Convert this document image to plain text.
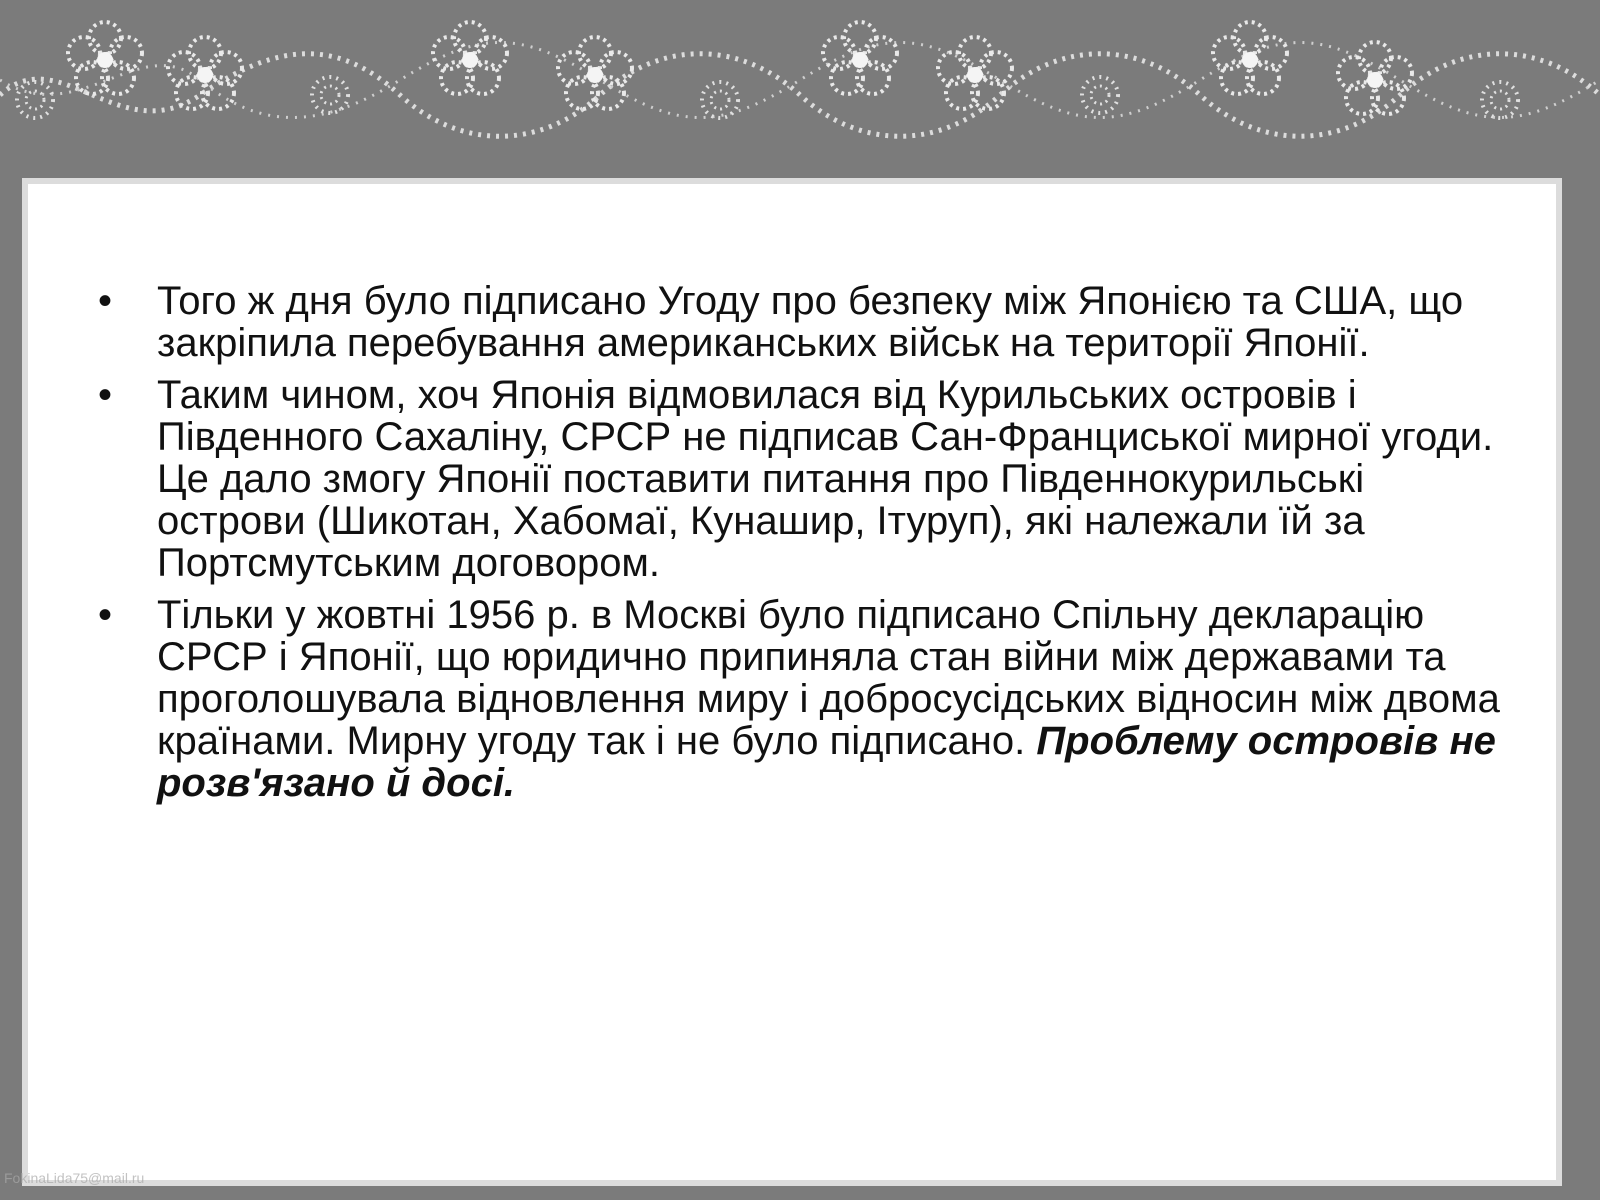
• Того ж дня було підписано Угоду про безпеку між Японією та США, що закріпила перебування американських військ на території Японії.
• Таким чином, хоч Японія відмовилася від Курильських островів і Південного Сахаліну, СРСР не підписав Сан-Франциської мирної угоди. Це дало змогу Японії поставити питання про Південнокурильські острови (Шикотан, Хабомаї, Кунашир, Ітуруп), які належали їй за Портсмутським договором.
• Тільки у жовтні 1956 р. в Москві було підписано Спільну декларацію СРСР і Японії, що юридично припиняла стан війни між державами та проголошувала відновлення миру і добросусідських відносин між двома країнами. Мирну угоду так і не було підписано. Проблему островів не розв'язано й досі.
FokinaLida75@mail.ru
